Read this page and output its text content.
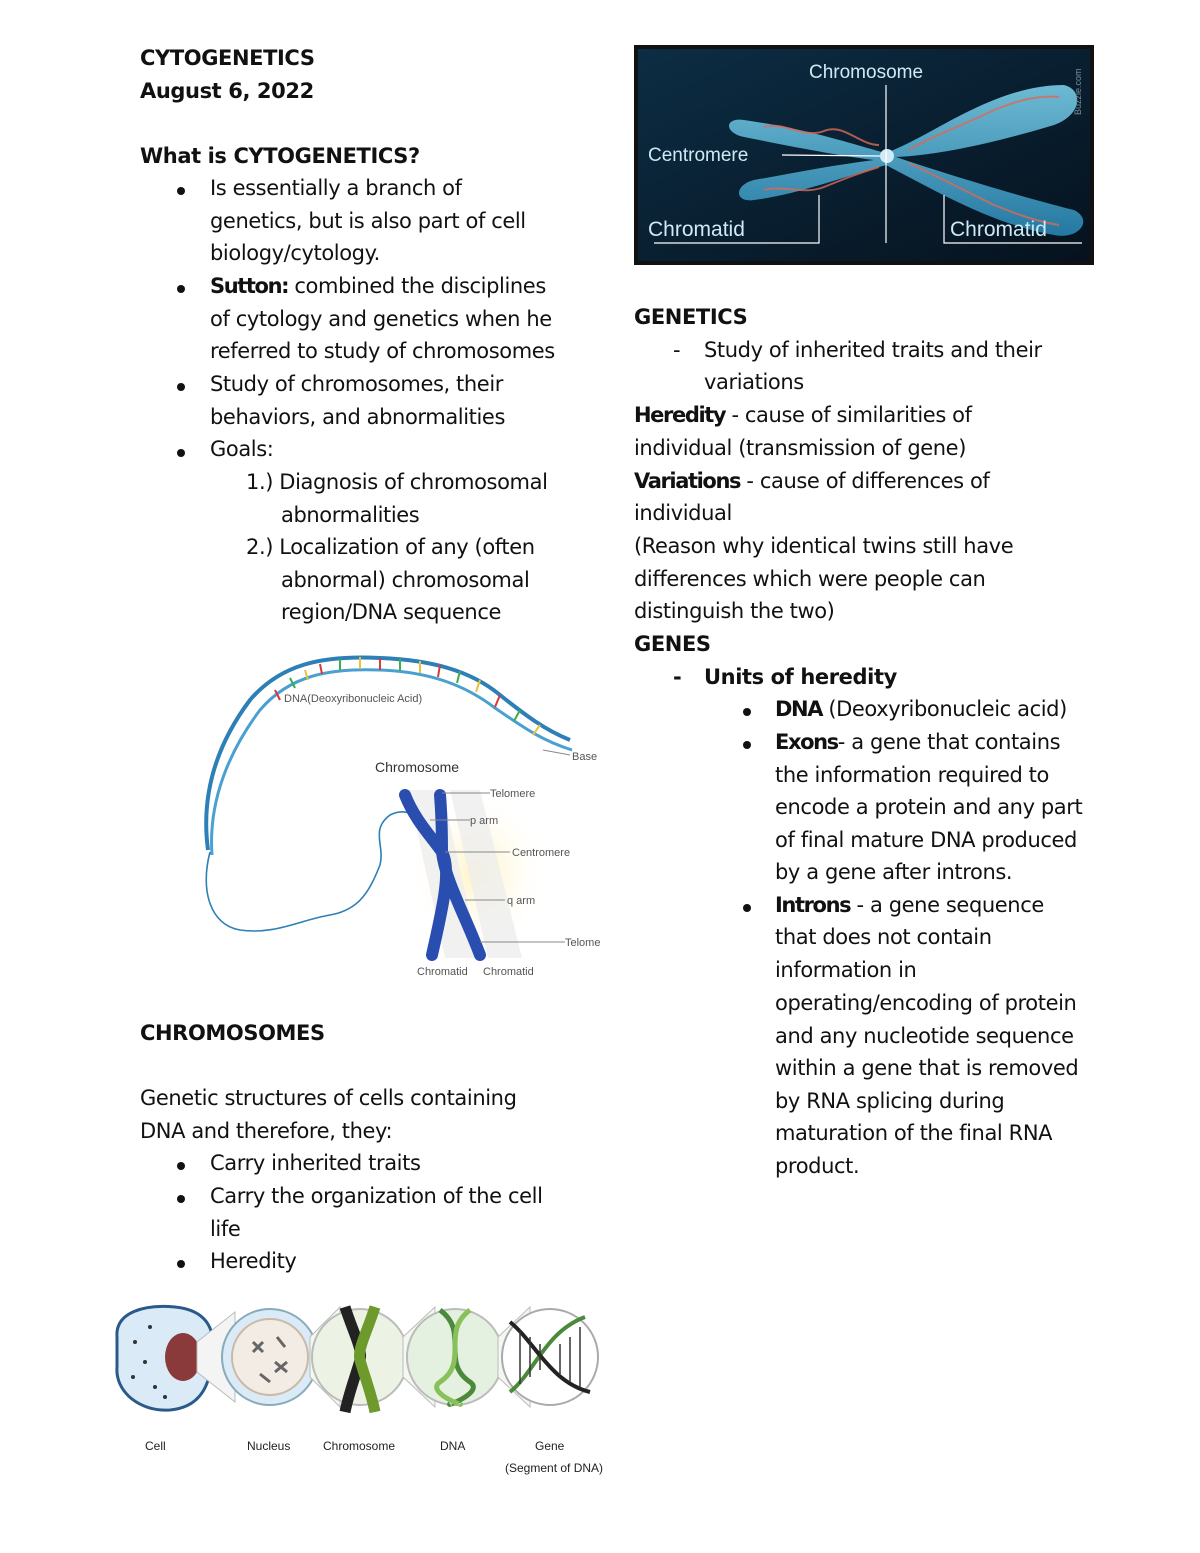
CYTOGENETICS
August 6, 2022
What is CYTOGENETICS?
Is essentially a branch of
genetics, but is also part of cell
biology/cytology.
Sutton: combined the disciplines
of cytology and genetics when he
referred to study of chromosomes
Study of chromosomes, their
behaviors, and abnormalities
Goals:
1.) Diagnosis of chromosomal
abnormalities
2.) Localization of any (often
abnormal) chromosomal
region/DNA sequence
DNA(Deoxyribonucleic Acid)
Base
Chromosome
Telomere
p arm
Centromere
q arm
Telome
Chromatid Chromatid
CHROMOSOMES
Genetic structures of cells containing
DNA and therefore, they:
Carry inherited traits
Carry the organization of the cell
life
Heredity
Cell	Nucleus	Chromosome	DNA	Gene
(Segment of DNA)
Chromosome
Centromere
Chromatid	Chromatid
Buzzle.com
GENETICS
- Study of inherited traits and their
variations
Heredity - cause of similarities of
individual (transmission of gene)
Variations - cause of differences of
individual
(Reason why identical twins still have
differences which were people can
distinguish the two)
GENES
- Units of heredity
DNA (Deoxyribonucleic acid)
Exons- a gene that contains
the information required to
encode a protein and any part
of final mature DNA produced
by a gene after introns.
Introns - a gene sequence
that does not contain
information in
operating/encoding of protein
and any nucleotide sequence
within a gene that is removed
by RNA splicing during
maturation of the final RNA
product.
